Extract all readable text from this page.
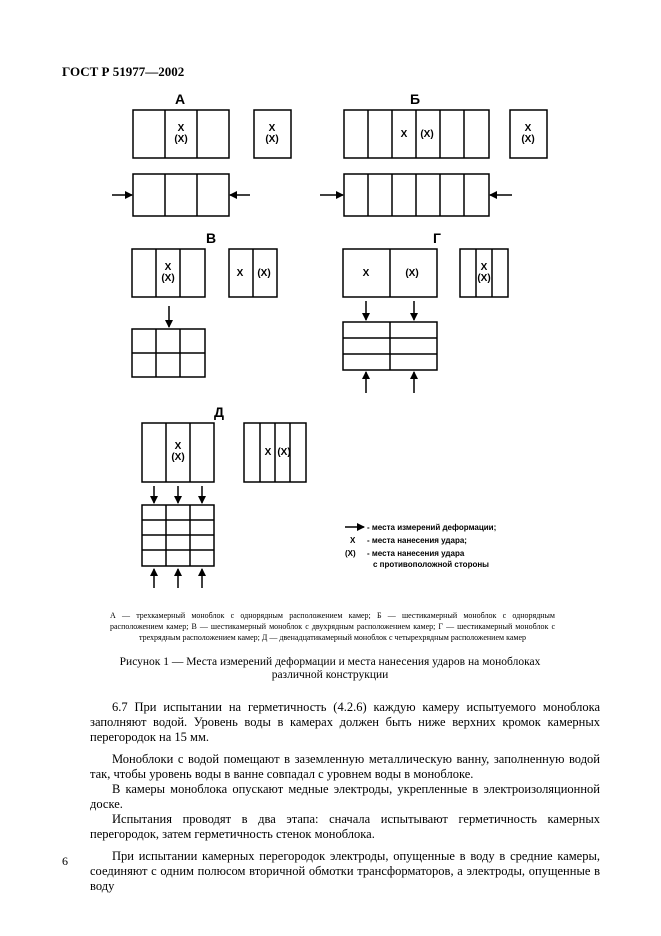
ГОСТ Р 51977—2002
А	Б
В	Г
Д
X
(X)
X
(X)	X (X)
X
(X)
X
(X)	X (X)	X	(X)
X
(X)
X
(X)	X (X)
- места измерений деформации;
X - места нанесения удара;
(X) - места нанесения удара
с противоположной стороны
А — трехкамерный моноблок с однорядным расположением камер; Б — шестикамерный моноблок с однорядным расположением камер; В — шестикамерный моноблок с двухрядным расположением камер; Г — шестикамерный моноблок с трехрядным расположением камер; Д — двенадцатикамерный моноблок с четырехрядным расположением камер
Рисунок 1 — Места измерений деформации и места нанесения ударов на моноблоках различной конструкции

6.7 При испытании на герметичность (4.2.6) каждую камеру испытуемого моноблока заполняют водой. Уровень воды в камерах должен быть ниже верхних кромок камерных перегородок на 15 мм.

Моноблоки с водой помещают в заземленную металлическую ванну, заполненную водой так, чтобы уровень воды в ванне совпадал с уровнем воды в моноблоке.

В камеры моноблока опускают медные электроды, укрепленные в электроизоляционной доске.

Испытания проводят в два этапа: сначала испытывают герметичность камерных перегородок, затем герметичность стенок моноблока.

При испытании камерных перегородок электроды, опущенные в воду в средние камеры, соединяют с одним полюсом вторичной обмотки трансформаторов, а электроды, опущенные в воду

6
